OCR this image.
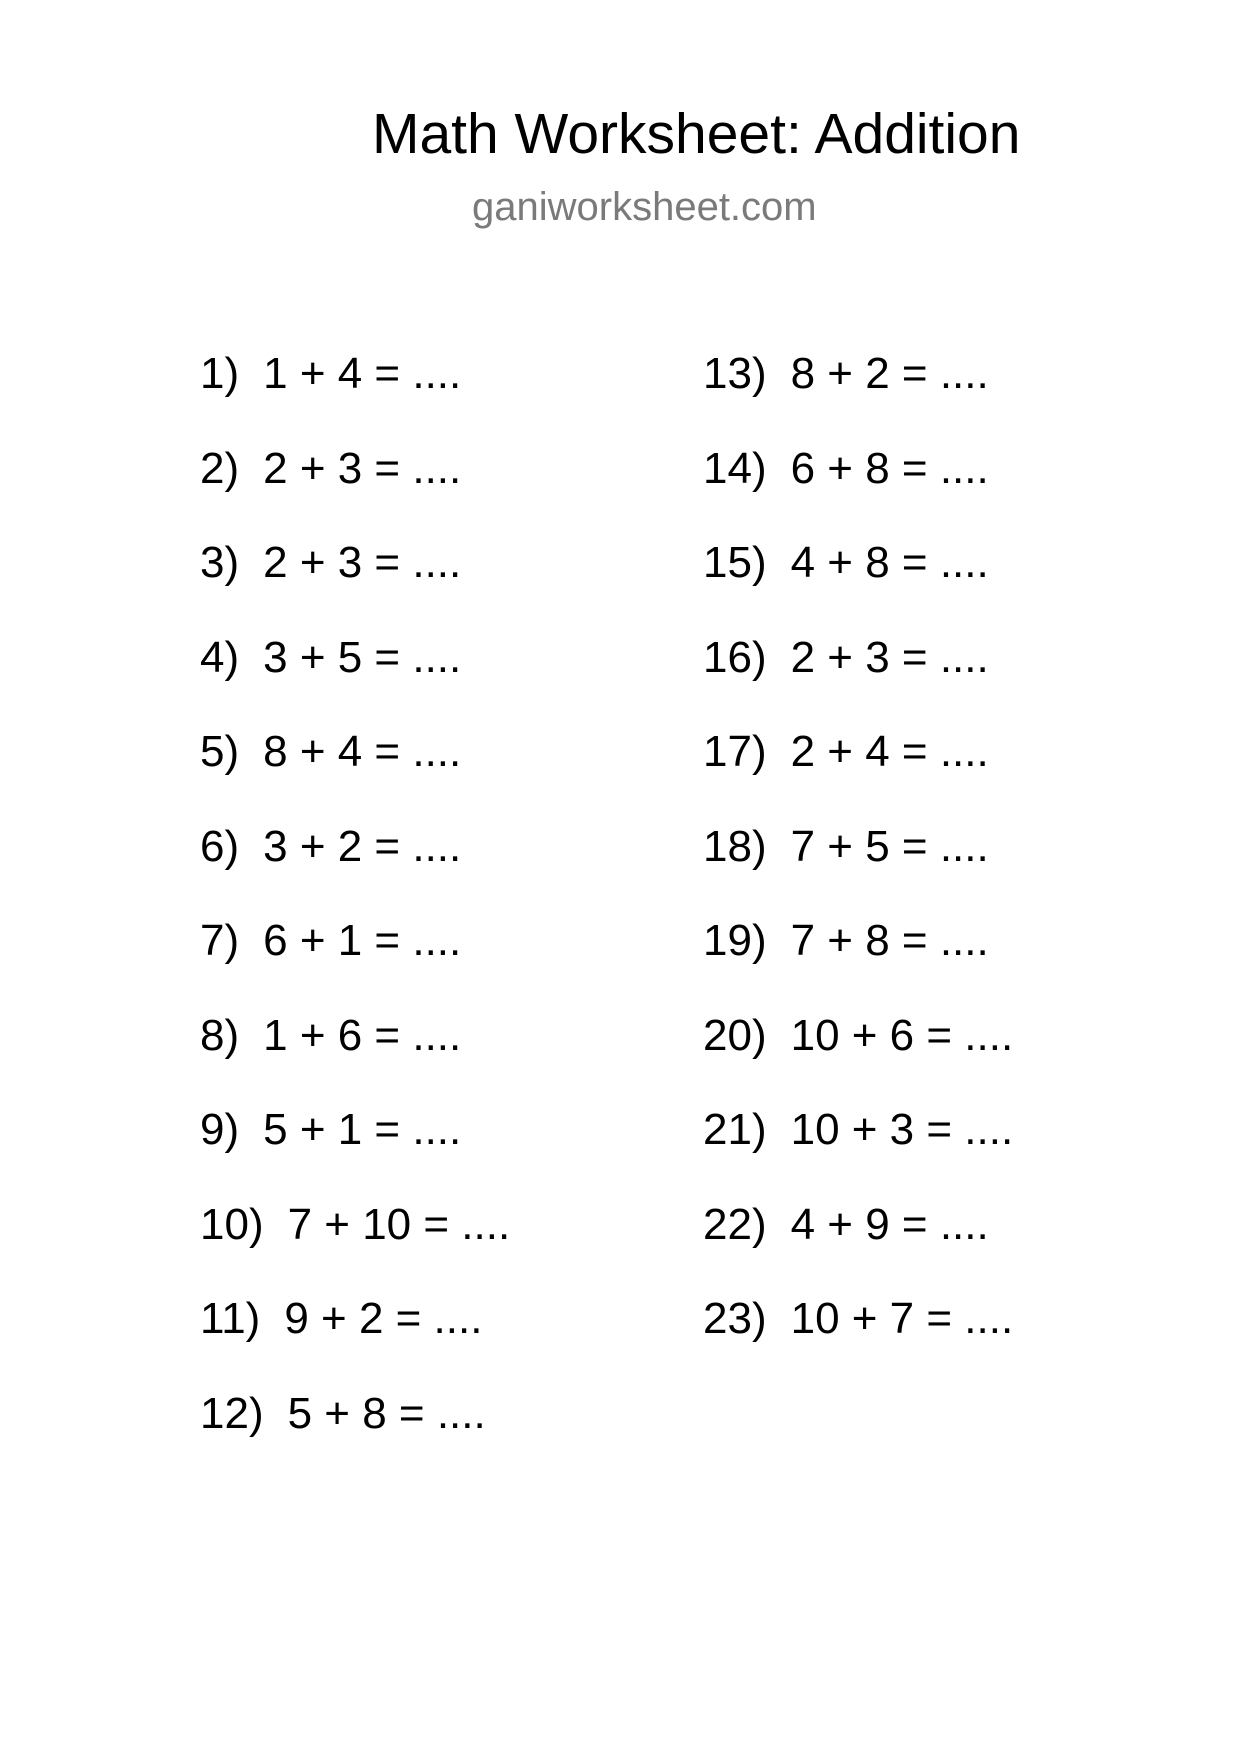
Math Worksheet: Addition
ganiworksheet.com
1) 1 + 4 = ....
2) 2 + 3 = ....
3) 2 + 3 = ....
4) 3 + 5 = ....
5) 8 + 4 = ....
6) 3 + 2 = ....
7) 6 + 1 = ....
8) 1 + 6 = ....
9) 5 + 1 = ....
10) 7 + 10 = ....
11) 9 + 2 = ....
12) 5 + 8 = ....
13) 8 + 2 = ....
14) 6 + 8 = ....
15) 4 + 8 = ....
16) 2 + 3 = ....
17) 2 + 4 = ....
18) 7 + 5 = ....
19) 7 + 8 = ....
20) 10 + 6 = ....
21) 10 + 3 = ....
22) 4 + 9 = ....
23) 10 + 7 = ....
